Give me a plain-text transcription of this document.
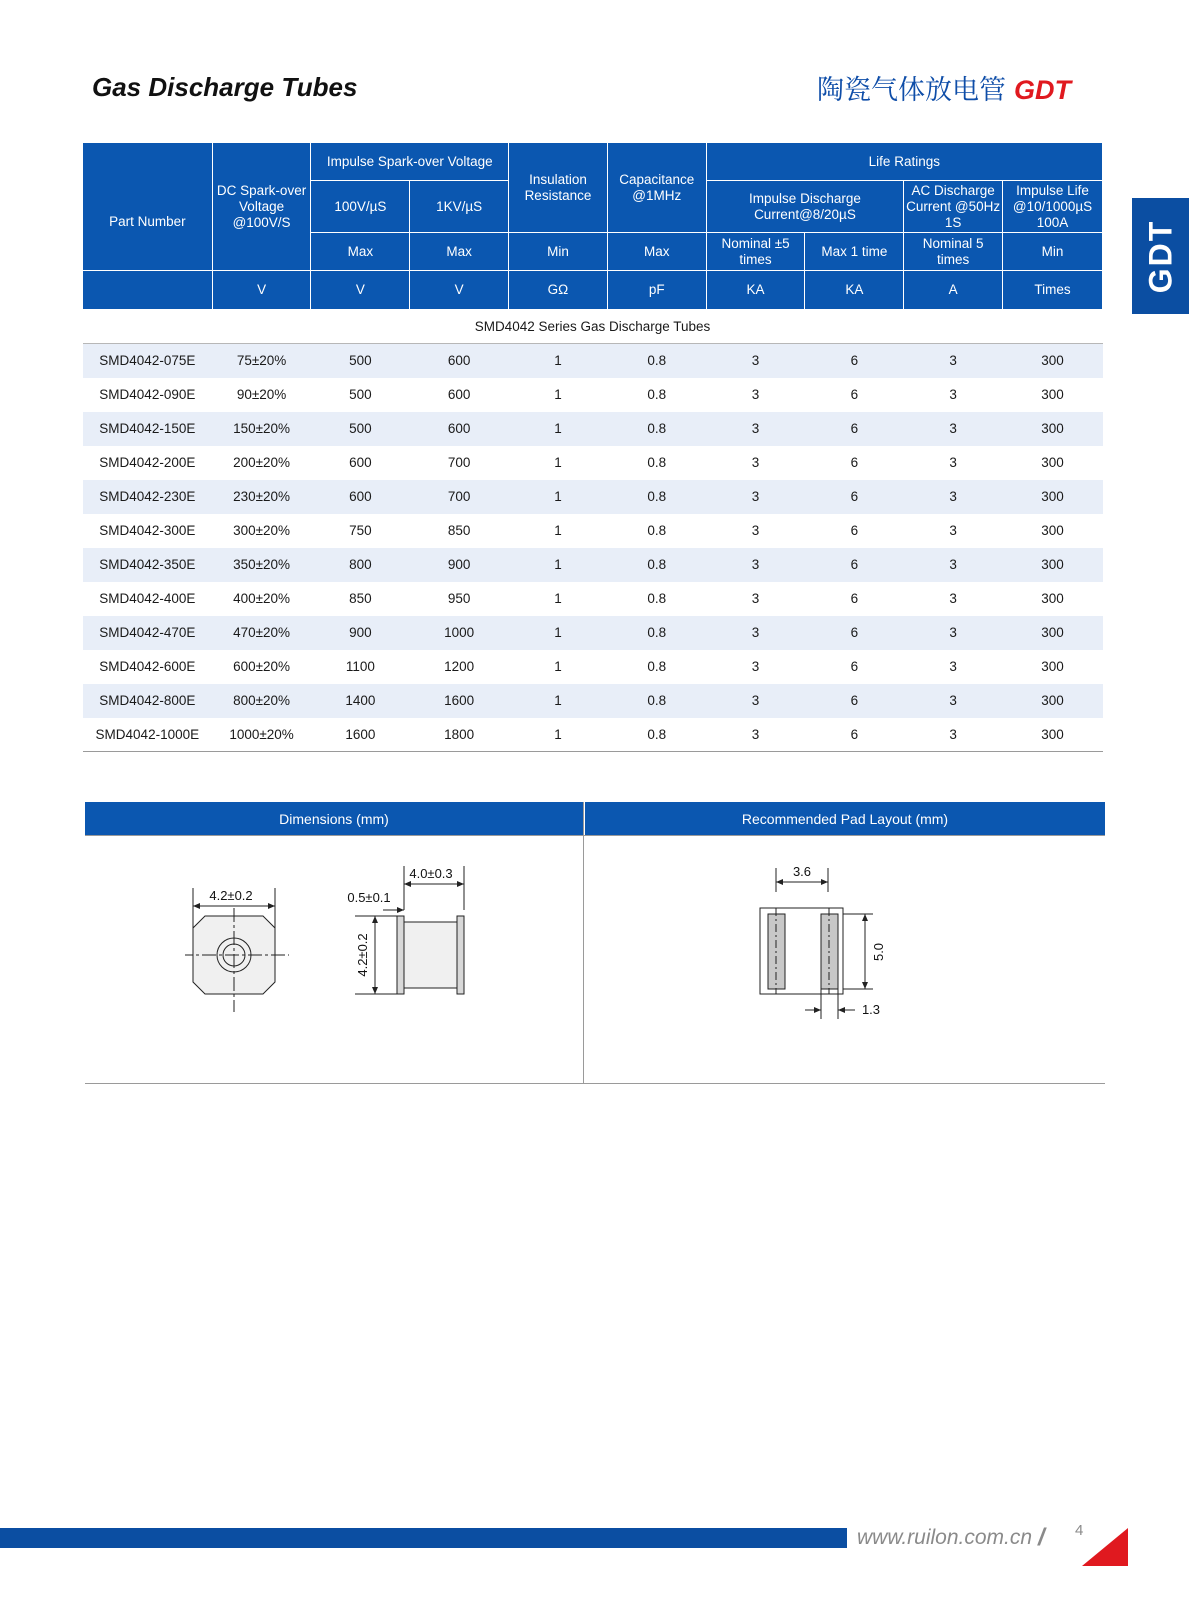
Gas Discharge Tubes	陶瓷气体放电管 GDT
GDT
Part Number	DC Spark-over Voltage @100V/S	Impulse Spark-over Voltage		Insulation Resistance	Capacitance @1MHz	Life Ratings			
		100V/µS	1KV/µS			Impulse Discharge Current@8/20µS		AC Discharge Current @50Hz 1S	Impulse Life @10/1000µS 100A
		Max	Max	Min	Max	Nominal ±5 times	Max 1 time	Nominal 5 times	Min
	V	V	V	GΩ	pF	KA	KA	A	Times
SMD4042 Series Gas Discharge Tubes									
SMD4042-075E	75±20%	500	600	1	0.8	3	6	3	300
SMD4042-090E	90±20%	500	600	1	0.8	3	6	3	300
SMD4042-150E	150±20%	500	600	1	0.8	3	6	3	300
SMD4042-200E	200±20%	600	700	1	0.8	3	6	3	300
SMD4042-230E	230±20%	600	700	1	0.8	3	6	3	300
SMD4042-300E	300±20%	750	850	1	0.8	3	6	3	300
SMD4042-350E	350±20%	800	900	1	0.8	3	6	3	300
SMD4042-400E	400±20%	850	950	1	0.8	3	6	3	300
SMD4042-470E	470±20%	900	1000	1	0.8	3	6	3	300
SMD4042-600E	600±20%	1100	1200	1	0.8	3	6	3	300
SMD4042-800E	800±20%	1400	1600	1	0.8	3	6	3	300
SMD4042-1000E	1000±20%	1600	1800	1	0.8	3	6	3	300
Dimensions (mm)	Recommended Pad Layout (mm)
4.2±0.2
4.0±0.3
0.5±0.1
4.2±0.2
3.6
5.0
1.3
www.ruilon.com.cn / 4
